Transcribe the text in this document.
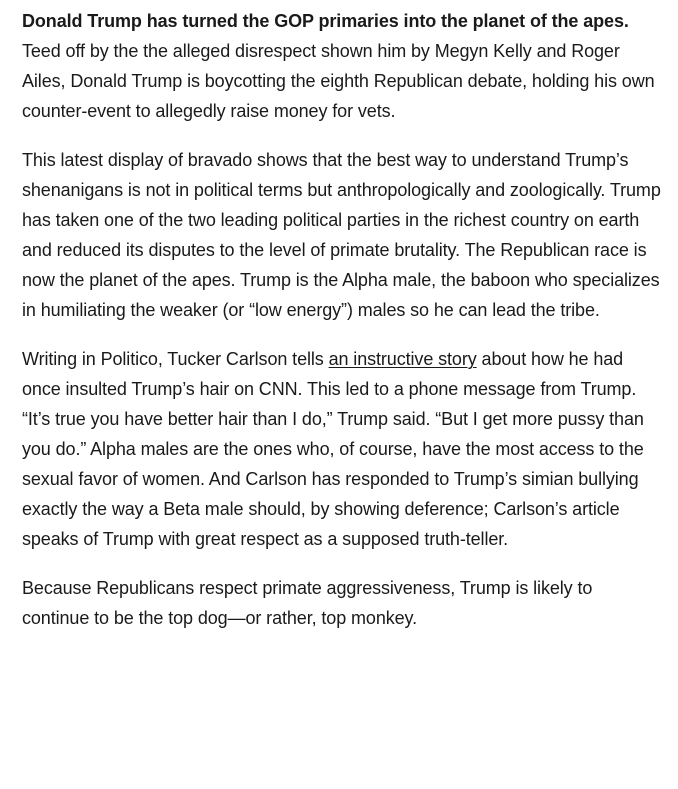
Donald Trump has turned the GOP primaries into the planet of the apes.  Teed off by the the alleged disrespect shown him by Megyn Kelly and Roger Ailes, Donald Trump is boycotting the eighth Republican debate, holding his own counter-event to allegedly raise money for vets.

This latest display of bravado shows that the best way to understand Trump’s shenanigans is not in political terms but anthropologically and zoologically. Trump has taken one of the two leading political parties in the richest country on earth and reduced its disputes to the level of primate brutality. The Republican race is now the planet of the apes. Trump is the Alpha male, the baboon who specializes in humiliating the weaker (or “low energy”) males so he can lead the tribe.

Writing in Politico, Tucker Carlson tells an instructive story about how he had once insulted Trump’s hair on CNN. This led to a phone message from Trump. “It’s true you have better hair than I do,” Trump said. “But I get more pussy than you do.” Alpha males are the ones who, of course, have the most access to the sexual favor of women. And Carlson has responded to Trump’s simian bullying exactly the way a Beta male should, by showing deference; Carlson’s article speaks of Trump with great respect as a supposed truth-teller.

Because Republicans respect primate aggressiveness, Trump is likely to continue to be the top dog—or rather, top monkey.
